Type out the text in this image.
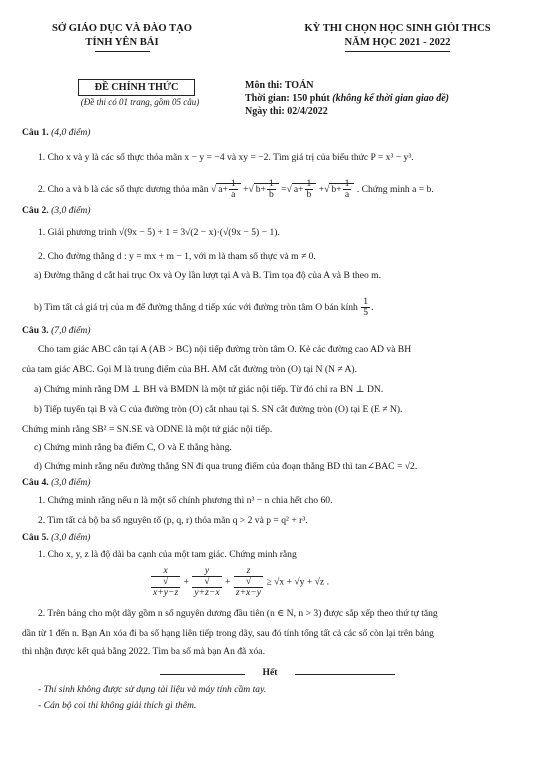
SỞ GIÁO DỤC VÀ ĐÀO TẠO
TỈNH YÊN BÁI
KỲ THI CHỌN HỌC SINH GIỎI THCS
NĂM HỌC 2021 - 2022
ĐỀ CHÍNH THỨC
(Đề thi có 01 trang, gồm 05 câu)
Môn thi: TOÁN
Thời gian: 150 phút (không kể thời gian giao đề)
Ngày thi: 02/4/2022
Câu 1. (4,0 điểm)
1. Cho x và y là các số thực thỏa mãn x − y = −4 và xy = −2. Tìm giá trị của biểu thức P = x³ − y³.
2. Cho a và b là các số thực dương thỏa mãn √ $a+ \frac{1}{a}$ +√ $b+ \frac{1}{b}$ =√ $a+ \frac{1}{b}$ +√ $b+ \frac{1}{a}$ . Chứng minh a = b.
Câu 2. (3,0 điểm)
1. Giải phương trình √(9x − 5) + 1 = 3√(2 − x)·(√(9x − 5) − 1).
2. Cho đường thẳng d : y = mx + m − 1, với m là tham số thực và m ≠ 0.
a) Đường thẳng d cắt hai trục Ox và Oy lần lượt tại A và B. Tìm tọa độ của A và B theo m.
b) Tìm tất cả giá trị của m để đường thẳng d tiếp xúc với đường tròn tâm O bán kính $\frac{1}{5}$ .
Câu 3. (7,0 điểm)
Cho tam giác ABC cân tại A (AB > BC) nội tiếp đường tròn tâm O. Kẻ các đường cao AD và BH
của tam giác ABC. Gọi M là trung điểm của BH. AM cắt đường tròn (O) tại N (N ≠ A).
a) Chứng minh rằng DM ⊥ BH và BMDN là một tứ giác nội tiếp. Từ đó chỉ ra BN ⊥ DN.
b) Tiếp tuyến tại B và C của đường tròn (O) cắt nhau tại S. SN cắt đường tròn (O) tại E (E ≠ N).
Chứng minh rằng SB² = SN.SE và ODNE là một tứ giác nội tiếp.
c) Chứng minh rằng ba điểm C, O và E thẳng hàng.
d) Chứng minh rằng nếu đường thẳng SN đi qua trung điểm của đoạn thẳng BD thì tan∠BAC = √2.
Câu 4. (3,0 điểm)
1. Chứng minh rằng nếu n là một số chính phương thì n³ − n chia hết cho 60.
2. Tìm tất cả bộ ba số nguyên tố (p, q, r) thỏa mãn q > 2 và p = q² + r³.
Câu 5. (3,0 điểm)
1. Cho x, y, z là độ dài ba cạnh của một tam giác. Chứng minh rằng
x
√
x+y−z + y
√
y+z−x + z
√
z+x−y ≥ √x + √y + √z .
2. Trên bảng cho một dãy gồm n số nguyên dương đầu tiên (n ∈ N, n > 3) được sắp xếp theo thứ tự tăng
dần từ 1 đến n. Bạn An xóa đi ba số hạng liên tiếp trong dãy, sau đó tính tổng tất cả các số còn lại trên bảng
thì nhận được kết quả bằng 2022. Tìm ba số mà bạn An đã xóa.
Hết
- Thí sinh không được sử dụng tài liệu và máy tính cầm tay.
- Cán bộ coi thi không giải thích gì thêm.
